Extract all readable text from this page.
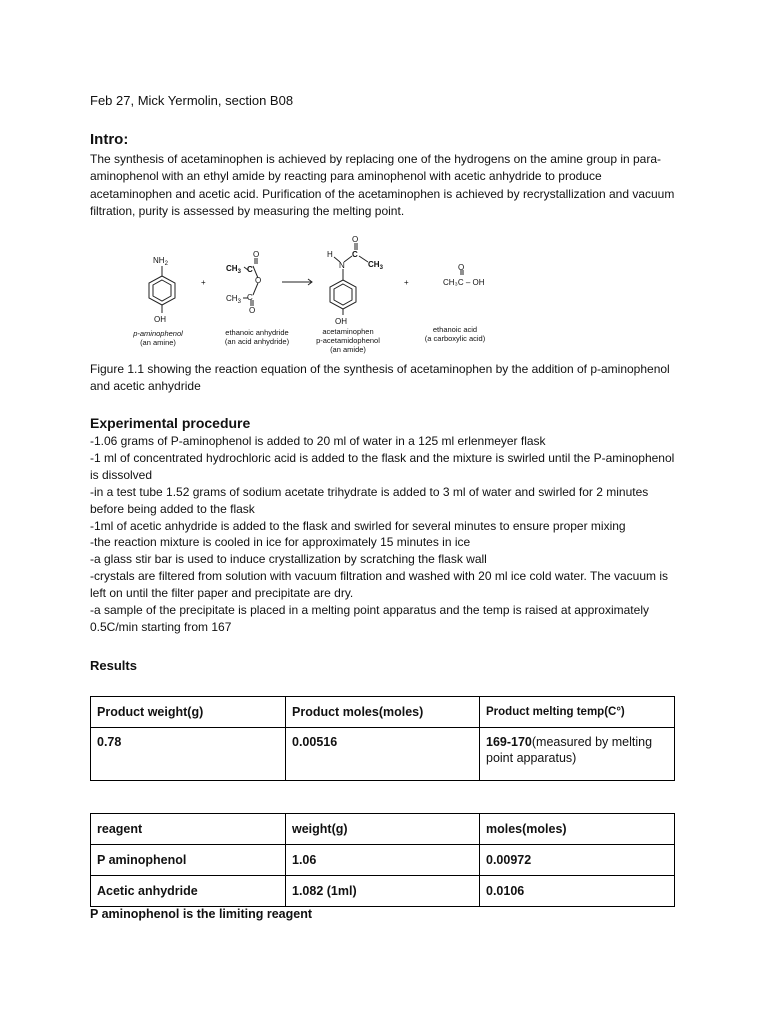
Feb 27, Mick Yermolin, section B08
Intro:

The synthesis of acetaminophen is achieved by replacing one of the hydrogens on the amine group in para-aminophenol with an ethyl amide by reacting para aminophenol with acetic anhydride to produce acetaminophen and acetic acid. Purification of the acetaminophen is achieved by recrystallization and vacuum filtration, purity is assessed by measuring the melting point.

$NH_2$
OH
+
O
$CH_3$ C
O
$CH_3$ C
O
O
H
N
C
$CH_3$
OH
+
O
CH₃C – OH
p-aminophenol
(an amine)
ethanoic anhydride
(an acid anhydride)
acetaminophen
p-acetamidophenol
(an amide)
ethanoic acid
(a carboxylic acid)

Figure 1.1 showing the reaction equation of the synthesis of acetaminophen by the addition of p-aminophenol and acetic anhydride

Experimental procedure
-1.06 grams of P-aminophenol is added to 20 ml of water in a 125 ml erlenmeyer flask
-1 ml of concentrated hydrochloric acid is added to the flask and the mixture is swirled until the P-aminophenol is dissolved
-in a test tube 1.52 grams of sodium acetate trihydrate is added to 3 ml of water and swirled for 2 minutes before being added to the flask
-1ml of acetic anhydride is added to the flask and swirled for several minutes to ensure proper mixing
-the reaction mixture is cooled in ice for approximately 15 minutes in ice
-a glass stir bar is used to induce crystallization by scratching the flask wall
-crystals are filtered from solution with vacuum filtration and washed with 20 ml ice cold water. The vacuum is left on until the filter paper and precipitate are dry.
-a sample of the precipitate is placed in a melting point apparatus and the temp is raised at approximately 0.5C/min starting from 167
Results
Product weight(g)	Product moles(moles)	Product melting temp(C°)
0.78	0.00516	169-170(measured by melting point apparatus)
reagent	weight(g)	moles(moles)
P aminophenol	1.06	0.00972
Acetic anhydride	1.082 (1ml)	0.0106

P aminophenol is the limiting reagent
